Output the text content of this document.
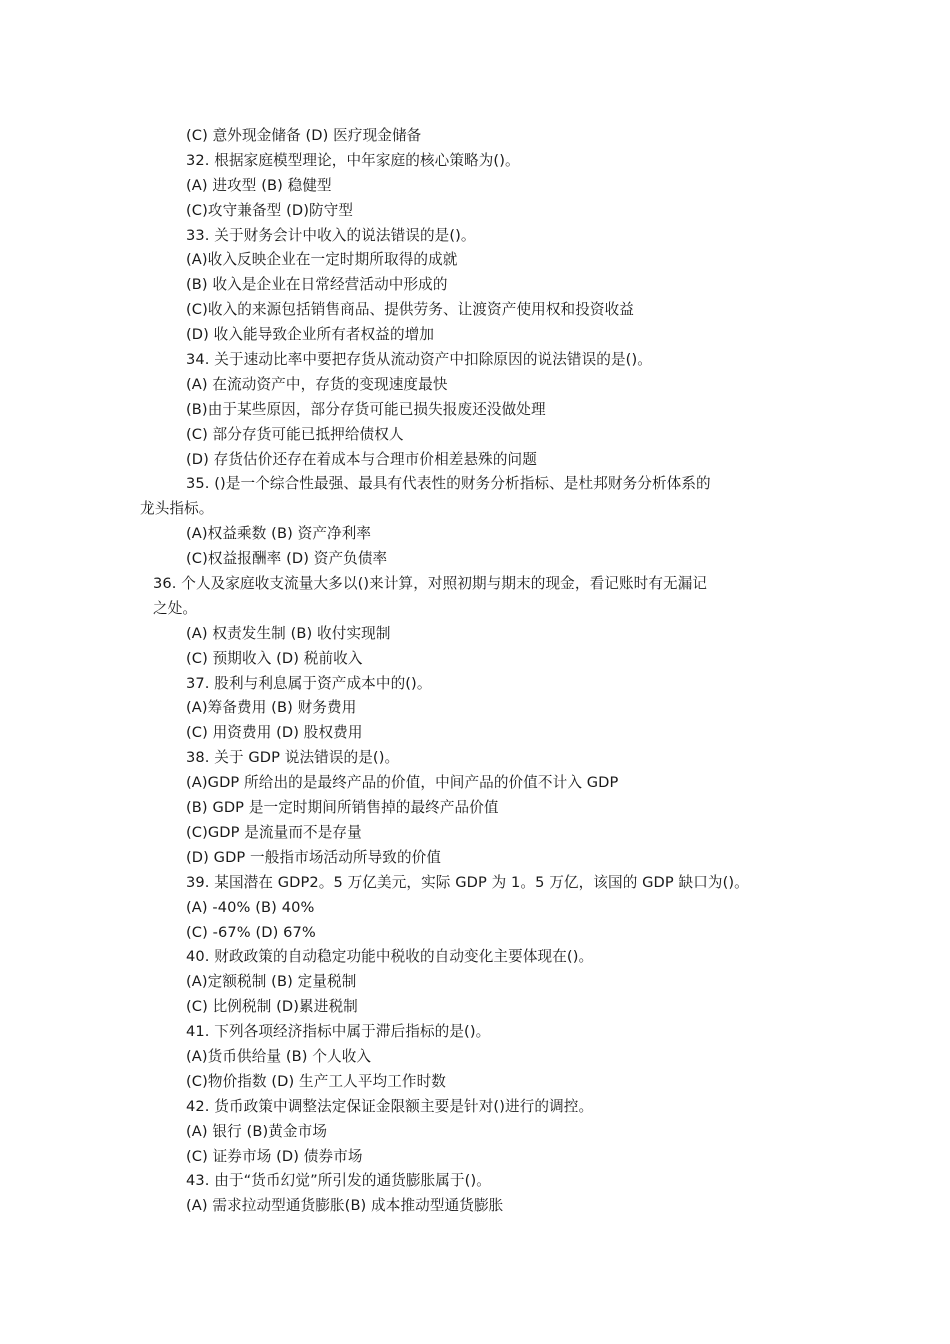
(C) 意外现金储备 (D) 医疗现金储备
32. 根据家庭模型理论，中年家庭的核心策略为()。
(A) 进攻型 (B) 稳健型
(C)攻守兼备型 (D)防守型
33. 关于财务会计中收入的说法错误的是()。
(A)收入反映企业在一定时期所取得的成就
(B) 收入是企业在日常经营活动中形成的
(C)收入的来源包括销售商品、提供劳务、让渡资产使用权和投资收益
(D) 收入能导致企业所有者权益的增加
34. 关于速动比率中要把存货从流动资产中扣除原因的说法错误的是()。
(A) 在流动资产中，存货的变现速度最快
(B)由于某些原因，部分存货可能已损失报废还没做处理
(C) 部分存货可能已抵押给债权人
(D) 存货估价还存在着成本与合理市价相差悬殊的问题
35. ()是一个综合性最强、最具有代表性的财务分析指标、是杜邦财务分析体系的
龙头指标。
(A)权益乘数 (B) 资产净利率
(C)权益报酬率 (D) 资产负债率
36. 个人及家庭收支流量大多以()来计算，对照初期与期末的现金，看记账时有无漏记
之处。
(A) 权责发生制 (B) 收付实现制
(C) 预期收入 (D) 税前收入
37. 股利与利息属于资产成本中的()。
(A)筹备费用 (B) 财务费用
(C) 用资费用 (D) 股权费用
38. 关于 GDP 说法错误的是()。
(A)GDP 所给出的是最终产品的价值，中间产品的价值不计入 GDP
(B) GDP 是一定时期间所销售掉的最终产品价值
(C)GDP 是流量而不是存量
(D) GDP 一般指市场活动所导致的价值
39. 某国潜在 GDP2。5 万亿美元，实际 GDP 为 1。5 万亿，该国的 GDP 缺口为()。
(A) -40% (B) 40%
(C) -67% (D) 67%
40. 财政政策的自动稳定功能中税收的自动变化主要体现在()。
(A)定额税制 (B) 定量税制
(C) 比例税制 (D)累进税制
41. 下列各项经济指标中属于滞后指标的是()。
(A)货币供给量 (B) 个人收入
(C)物价指数 (D) 生产工人平均工作时数
42. 货币政策中调整法定保证金限额主要是针对()进行的调控。
(A) 银行 (B)黄金市场
(C) 证券市场 (D) 债券市场
43. 由于“货币幻觉”所引发的通货膨胀属于()。
(A) 需求拉动型通货膨胀(B) 成本推动型通货膨胀
